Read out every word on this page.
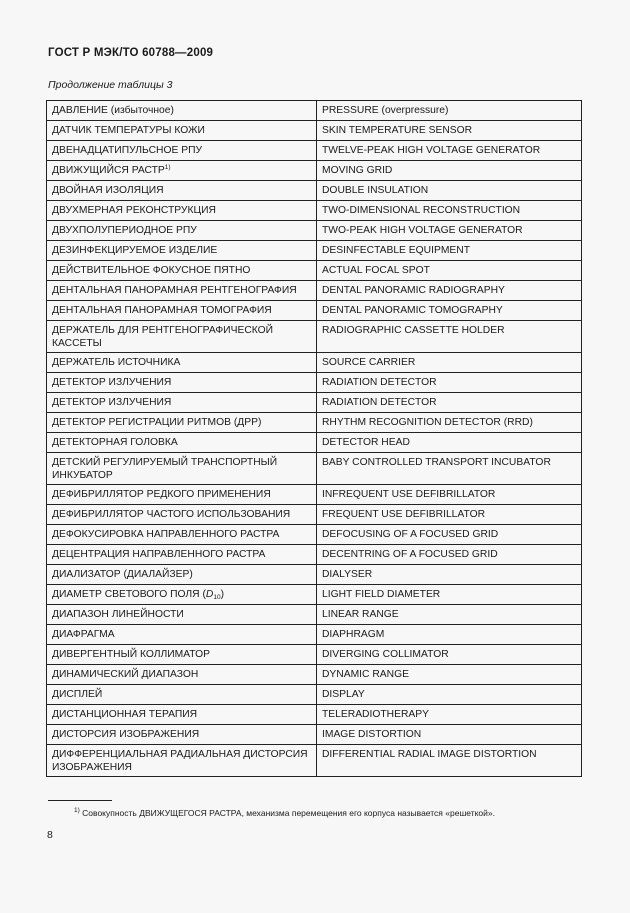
ГОСТ Р МЭК/ТО 60788—2009
Продолжение таблицы 3
ДАВЛЕНИЕ (избыточное)	PRESSURE (overpressure)
ДАТЧИК ТЕМПЕРАТУРЫ КОЖИ	SKIN TEMPERATURE SENSOR
ДВЕНАДЦАТИПУЛЬСНОЕ РПУ	TWELVE-PEAK HIGH VOLTAGE GENERATOR
ДВИЖУЩИЙСЯ РАСТР$^{1)}$	MOVING GRID
ДВОЙНАЯ ИЗОЛЯЦИЯ	DOUBLE INSULATION
ДВУХМЕРНАЯ РЕКОНСТРУКЦИЯ	TWO-DIMENSIONAL RECONSTRUCTION
ДВУХПОЛУПЕРИОДНОЕ РПУ	TWO-PEAK HIGH VOLTAGE GENERATOR
ДЕЗИНФЕКЦИРУЕМОЕ ИЗДЕЛИЕ	DESINFECTABLE EQUIPMENT
ДЕЙСТВИТЕЛЬНОЕ ФОКУСНОЕ ПЯТНО	ACTUAL FOCAL SPOT
ДЕНТАЛЬНАЯ ПАНОРАМНАЯ РЕНТГЕНОГРАФИЯ	DENTAL PANORAMIC RADIOGRAPHY
ДЕНТАЛЬНАЯ ПАНОРАМНАЯ ТОМОГРАФИЯ	DENTAL PANORAMIC TOMOGRAPHY
ДЕРЖАТЕЛЬ ДЛЯ РЕНТГЕНОГРАФИЧЕСКОЙ КАССЕТЫ	RADIOGRAPHIC CASSETTE HOLDER
ДЕРЖАТЕЛЬ ИСТОЧНИКА	SOURCE CARRIER
ДЕТЕКТОР ИЗЛУЧЕНИЯ	RADIATION DETECTOR
ДЕТЕКТОР ИЗЛУЧЕНИЯ	RADIATION DETECTOR
ДЕТЕКТОР РЕГИСТРАЦИИ РИТМОВ (ДРР)	RHYTHM RECOGNITION DETECTOR (RRD)
ДЕТЕКТОРНАЯ ГОЛОВКА	DETECTOR HEAD
ДЕТСКИЙ РЕГУЛИРУЕМЫЙ ТРАНСПОРТНЫЙ ИНКУБАТОР	BABY CONTROLLED TRANSPORT INCUBATOR
ДЕФИБРИЛЛЯТОР РЕДКОГО ПРИМЕНЕНИЯ	INFREQUENT USE DEFIBRILLATOR
ДЕФИБРИЛЛЯТОР ЧАСТОГО ИСПОЛЬЗОВАНИЯ	FREQUENT USE DEFIBRILLATOR
ДЕФОКУСИРОВКА НАПРАВЛЕННОГО РАСТРА	DEFOCUSING OF A FOCUSED GRID
ДЕЦЕНТРАЦИЯ НАПРАВЛЕННОГО РАСТРА	DECENTRING OF A FOCUSED GRID
ДИАЛИЗАТОР (ДИАЛАЙЗЕР)	DIALYSER
ДИАМЕТР СВЕТОВОГО ПОЛЯ $(D_{10})$	LIGHT FIELD DIAMETER
ДИАПАЗОН ЛИНЕЙНОСТИ	LINEAR RANGE
ДИАФРАГМА	DIAPHRAGM
ДИВЕРГЕНТНЫЙ КОЛЛИМАТОР	DIVERGING COLLIMATOR
ДИНАМИЧЕСКИЙ ДИАПАЗОН	DYNAMIC RANGE
ДИСПЛЕЙ	DISPLAY
ДИСТАНЦИОННАЯ ТЕРАПИЯ	TELERADIOTHERAPY
ДИСТОРСИЯ ИЗОБРАЖЕНИЯ	IMAGE DISTORTION
ДИФФЕРЕНЦИАЛЬНАЯ РАДИАЛЬНАЯ ДИСТОРСИЯ ИЗОБРАЖЕНИЯ	DIFFERENTIAL RADIAL IMAGE DISTORTION
$^{1)}$ Совокупность ДВИЖУЩЕГОСЯ РАСТРА, механизма перемещения его корпуса называется «решеткой».
8
